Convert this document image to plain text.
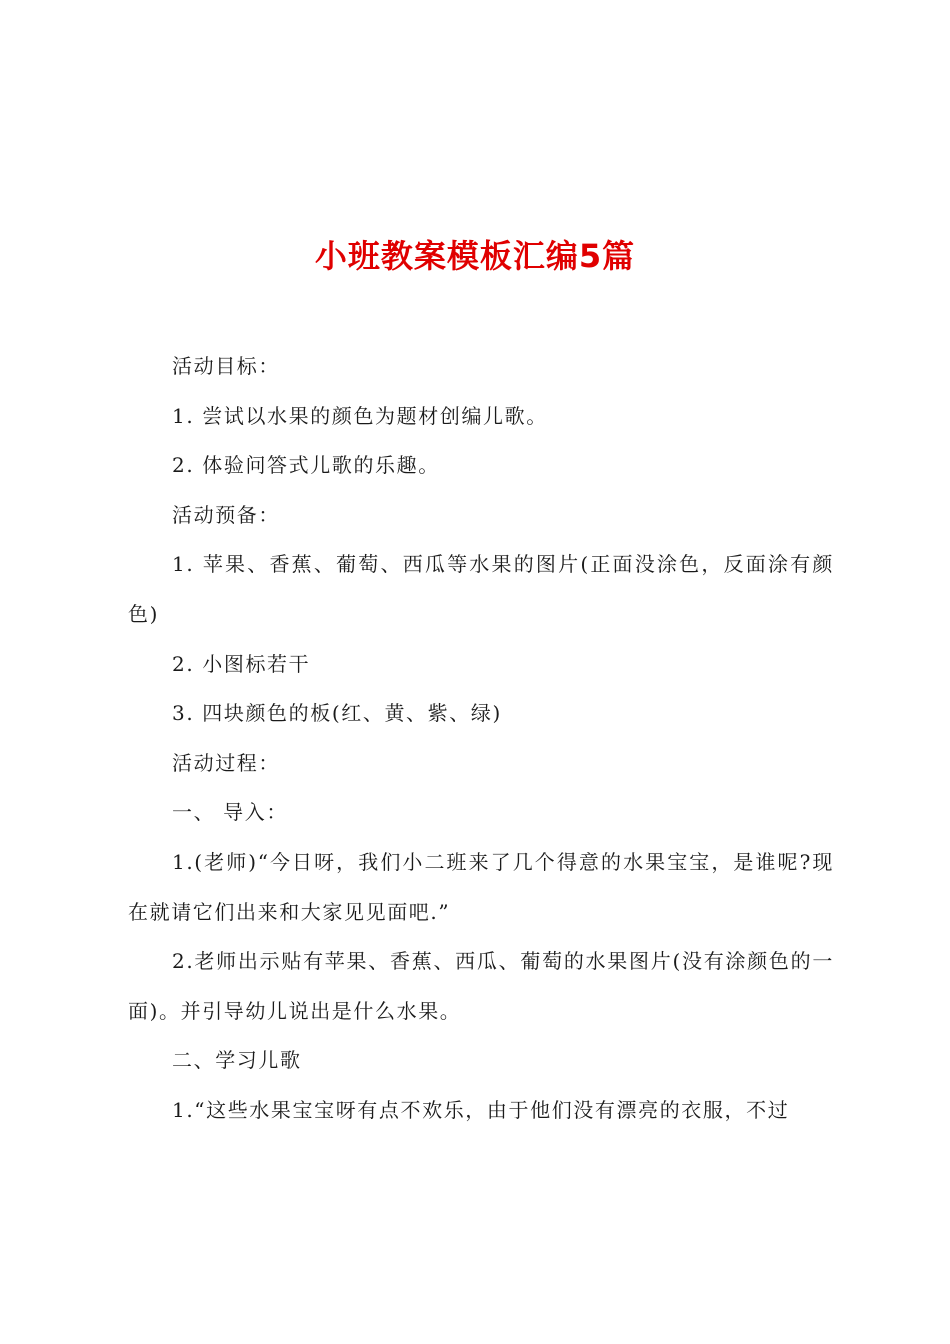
小班教案模板汇编5篇

活动目标：

1. 尝试以水果的颜色为题材创编儿歌。

2. 体验问答式儿歌的乐趣。

活动预备：

1. 苹果、香蕉、葡萄、西瓜等水果的图片(正面没涂色，反面涂有颜色)

2. 小图标若干

3. 四块颜色的板(红、黄、紫、绿)

活动过程：

一、 导入：

1.(老师)“今日呀，我们小二班来了几个得意的水果宝宝，是谁呢?现在就请它们出来和大家见见面吧.”

2.老师出示贴有苹果、香蕉、西瓜、葡萄的水果图片(没有涂颜色的一面)。并引导幼儿说出是什么水果。

二、学习儿歌

1.“这些水果宝宝呀有点不欢乐，由于他们没有漂亮的衣服，不过
